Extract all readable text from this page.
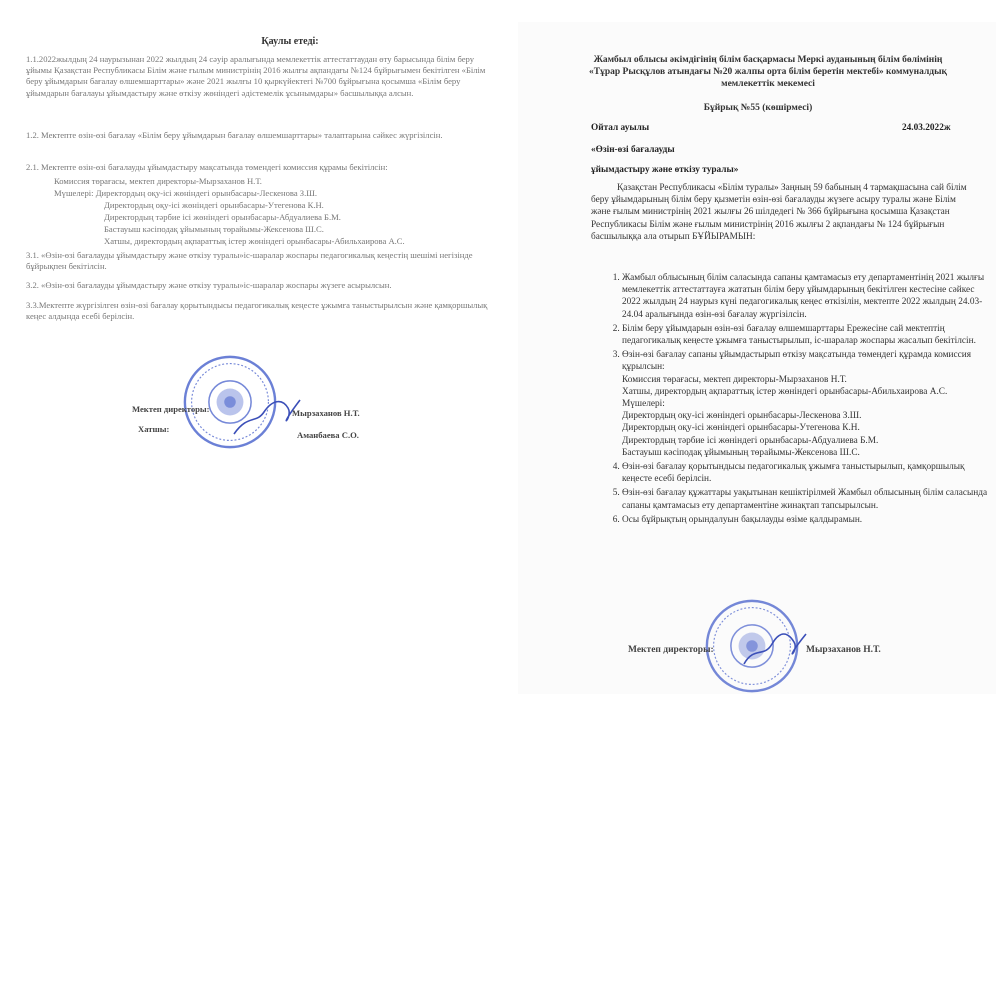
Қаулы етеді:
1.1.2022жылдың 24 наурызынан 2022 жылдың 24 сәуір аралығында мемлекеттік аттестаттаудан өту барысында білім беру ұйымы Қазақстан Республикасы Білім және ғылым министрінің 2016 жылғы ақпандағы №124 бұйрығымен бекітілген «Білім беру ұйымдарын бағалау өлшемшарттары» және 2021 жылғы 10 қыркүйектегі №700 бұйрығына қосымша «Білім беру ұйымдарын бағалауы ұйымдастыру және өткізу жөніндегі әдістемелік ұсынымдары» басшылыққа алсын.
1.2. Мектепте өзін-өзі бағалау «Білім беру ұйымдарын бағалау өлшемшарттары» талаптарына сәйкес жүргізілсін.
2.1. Мектепте өзін-өзі бағалауды ұйымдастыру мақсатында төмендегі комиссия құрамы бекітілсін:
Комиссия төрағасы, мектеп директоры-Мырзаханов Н.Т.
Мүшелері: Директордың оқу-ісі жөніндегі орынбасары-Лескенова З.Ш.
Директордың оқу-ісі жөніндегі орынбасары-Утегенова К.Н.
Директордың тәрбие ісі жөніндегі орынбасары-Абдуалиева Б.М.
Бастауыш кәсіподақ ұйымының төрайымы-Жексенова Ш.С.
Хатшы, директордың ақпараттық істер жөніндегі орынбасары-Абильхаирова А.С.
3.1. «Өзін-өзі бағалауды ұйымдастыру және өткізу туралы»іс-шаралар жоспары педагогикалық кеңестің шешімі негізінде бұйрықпен бекітілсін.
3.2. «Өзін-өзі бағалауды ұйымдастыру және өткізу туралы»іс-шаралар жоспары жүзеге асырылсын.
3.3.Мектепте жүргізілген өзін-өзі бағалау қорытындысы педагогикалық кеңесте ұжымға таныстырылсын және қамқоршылық кеңес алдында есебі берілсін.
Мектеп директоры:	Мырзаханов Н.Т.
Хатшы:
Аманбаева С.О.
Жамбыл облысы әкімдігінің білім басқармасы Меркі ауданының білім бөлімінің «Тұрар Рысқұлов атындағы №20 жалпы орта білім беретін мектебі» коммуналдық мемлекеттік мекемесі
Бұйрық №55 (көшірмесі)
Ойтал ауылы	24.03.2022ж
«Өзін-өзі бағалауды
ұйымдастыру және өткізу туралы»
Қазақстан Республикасы «Білім туралы» Заңның 59 бабының 4 тармақшасына сай білім беру ұйымдарының білім беру қызметін өзін-өзі бағалауды жүзеге асыру туралы және Білім және ғылым министрінің 2021 жылғы 26 шілдедегі № 366 бұйрығына қосымша Қазақстан Республикасы Білім және ғылым министрінің 2016 жылғы 2 ақпандағы № 124 бұйрығын басшылыққа ала отырып БҰЙЫРАМЫН:
1. Жамбыл облысының білім саласында сапаны қамтамасыз ету департаментінің 2021 жылғы мемлекеттік аттестаттауға жататын білім беру ұйымдарының бекітілген кестесіне сәйкес 2022 жылдың 24 наурыз күні педагогикалық кеңес өткізілін, мектепте 2022 жылдың 24.03-24.04 аралығында өзін-өзі бағалау жүргізілсін.
2. Білім беру ұйымдарын өзін-өзі бағалау өлшемшарттары Ережесіне сай мектептің педагогикалық кеңесте ұжымға таныстырылып, іс-шаралар жоспары жасалып бекітілсін.
3. Өзін-өзі бағалау сапаны ұйымдастырып өткізу мақсатында төмендегі құрамда комиссия құрылсын:
Комиссия төрағасы, мектеп директоры-Мырзаханов Н.Т.
Хатшы, директордың ақпараттық істер жөніндегі орынбасары-Абильхаирова А.С.
Мүшелері:
Директордың оқу-ісі жөніндегі орынбасары-Лескенова З.Ш.
Директордың оқу-ісі жөніндегі орынбасары-Утегенова К.Н.
Директордың тәрбие ісі жөніндегі орынбасары-Абдуалиева Б.М.
Бастауыш кәсіподақ ұйымының төрайымы-Жексенова Ш.С.
4. Өзін-өзі бағалау қорытындысы педагогикалық ұжымға таныстырылып, қамқоршылық кеңесте есебі берілсін.
5. Өзін-өзі бағалау құжаттары уақытынан кешіктірілмей Жамбыл облысының білім саласында сапаны қамтамасыз ету департаментіне жинақтап тапсырылсын.
6. Осы бұйрықтың орындалуын бақылауды өзіме қалдырамын.
Мектеп директоры:	Мырзаханов Н.Т.
